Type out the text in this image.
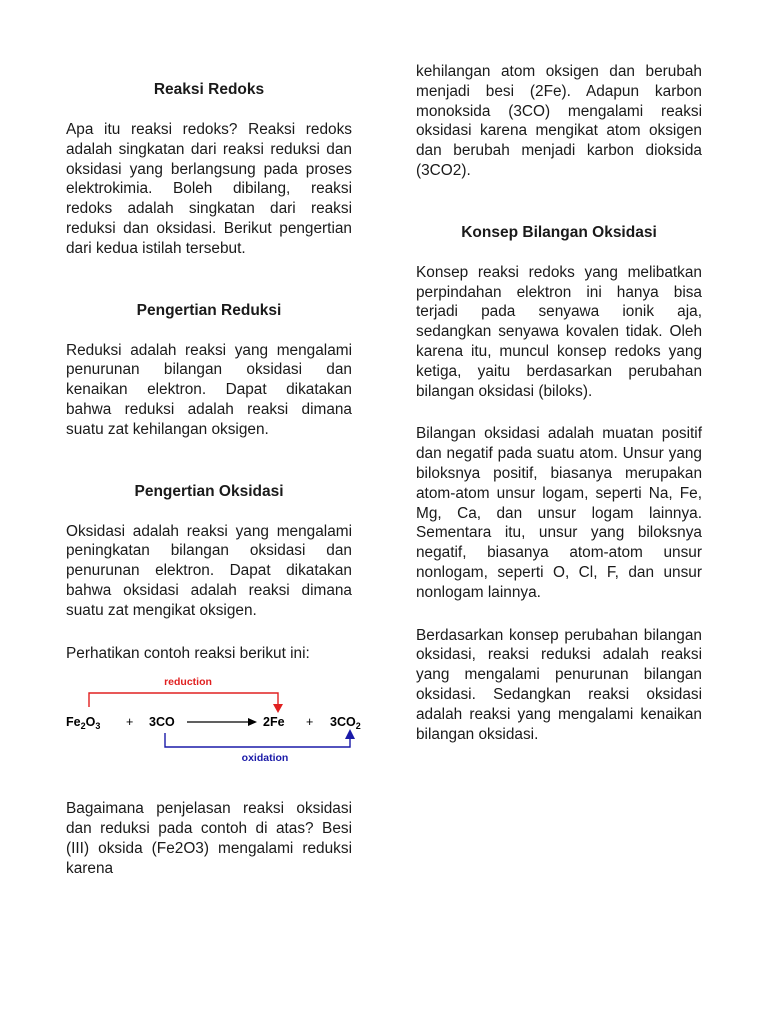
Reaksi Redoks

Apa itu reaksi redoks? Reaksi redoks adalah singkatan dari reaksi reduksi dan oksidasi yang berlangsung pada proses elektrokimia. Boleh dibilang, reaksi redoks adalah singkatan dari reaksi reduksi dan oksidasi. Berikut pengertian dari kedua istilah tersebut.

Pengertian Reduksi

Reduksi adalah reaksi yang mengalami penurunan bilangan oksidasi dan kenaikan elektron. Dapat dikatakan bahwa reduksi adalah reaksi dimana suatu zat kehilangan oksigen.

Pengertian Oksidasi

Oksidasi adalah reaksi yang mengalami peningkatan bilangan oksidasi dan penurunan elektron. Dapat dikatakan bahwa oksidasi adalah reaksi dimana suatu zat mengikat oksigen.

Perhatikan contoh reaksi berikut ini:

reduction
$Fe_2O_3 + 3CO$	$2Fe + 3CO_2$
oxidation

Bagaimana penjelasan reaksi oksidasi dan reduksi pada contoh di atas? Besi (III) oksida (Fe2O3) mengalami reduksi karena

kehilangan atom oksigen dan berubah menjadi besi (2Fe). Adapun karbon monoksida (3CO) mengalami reaksi oksidasi karena mengikat atom oksigen dan berubah menjadi karbon dioksida (3CO2).

Konsep Bilangan Oksidasi

Konsep reaksi redoks yang melibatkan perpindahan elektron ini hanya bisa terjadi pada senyawa ionik aja, sedangkan senyawa kovalen tidak. Oleh karena itu, muncul konsep redoks yang ketiga, yaitu berdasarkan perubahan bilangan oksidasi (biloks).

Bilangan oksidasi adalah muatan positif dan negatif pada suatu atom. Unsur yang biloksnya positif, biasanya merupakan atom-atom unsur logam, seperti Na, Fe, Mg, Ca, dan unsur logam lainnya. Sementara itu, unsur yang biloksnya negatif, biasanya atom-atom unsur nonlogam, seperti O, Cl, F, dan unsur nonlogam lainnya.

Berdasarkan konsep perubahan bilangan oksidasi, reaksi reduksi adalah reaksi yang mengalami penurunan bilangan oksidasi. Sedangkan reaksi oksidasi adalah reaksi yang mengalami kenaikan bilangan oksidasi.
